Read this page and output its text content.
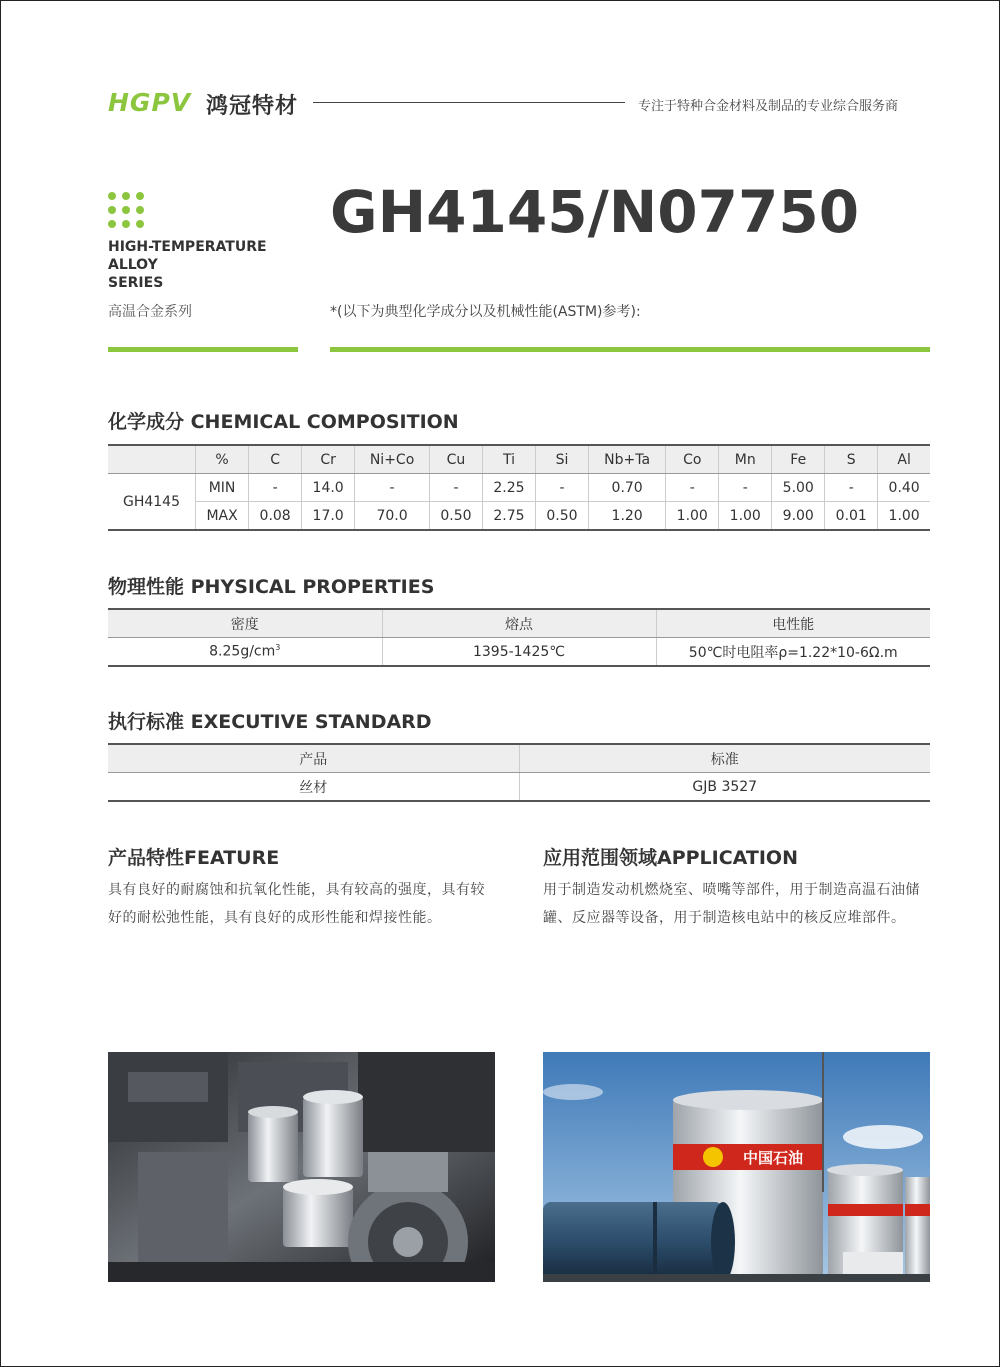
HGPV 鸿冠特材	专注于特种合金材料及制品的专业综合服务商
HIGH-TEMPERATURE
ALLOY
SERIES
高温合金系列
GH4145/N07750
*(以下为典型化学成分以及机械性能(ASTM)参考):
化学成分 CHEMICAL COMPOSITION
	%	C	Cr	Ni+Co	Cu	Ti	Si	Nb+Ta	Co	Mn	Fe	S	Al
GH4145	MIN	-	14.0	-	-	2.25	-	0.70	-	-	5.00	-	0.40
	MAX	0.08	17.0	70.0	0.50	2.75	0.50	1.20	1.00	1.00	9.00	0.01	1.00
物理性能 PHYSICAL PROPERTIES
密度	熔点	电性能
$8.25g/cm^3$	1395-1425℃	50℃时电阻率ρ=1.22*10-6Ω.m
执行标准 EXECUTIVE STANDARD
产品	标准
丝材	GJB 3527
产品特性FEATURE
具有良好的耐腐蚀和抗氧化性能，具有较高的强度，具有较好的耐松弛性能，具有良好的成形性能和焊接性能。
应用范围领域APPLICATION
用于制造发动机燃烧室、喷嘴等部件，用于制造高温石油储罐、反应器等设备，用于制造核电站中的核反应堆部件。
中国石油
